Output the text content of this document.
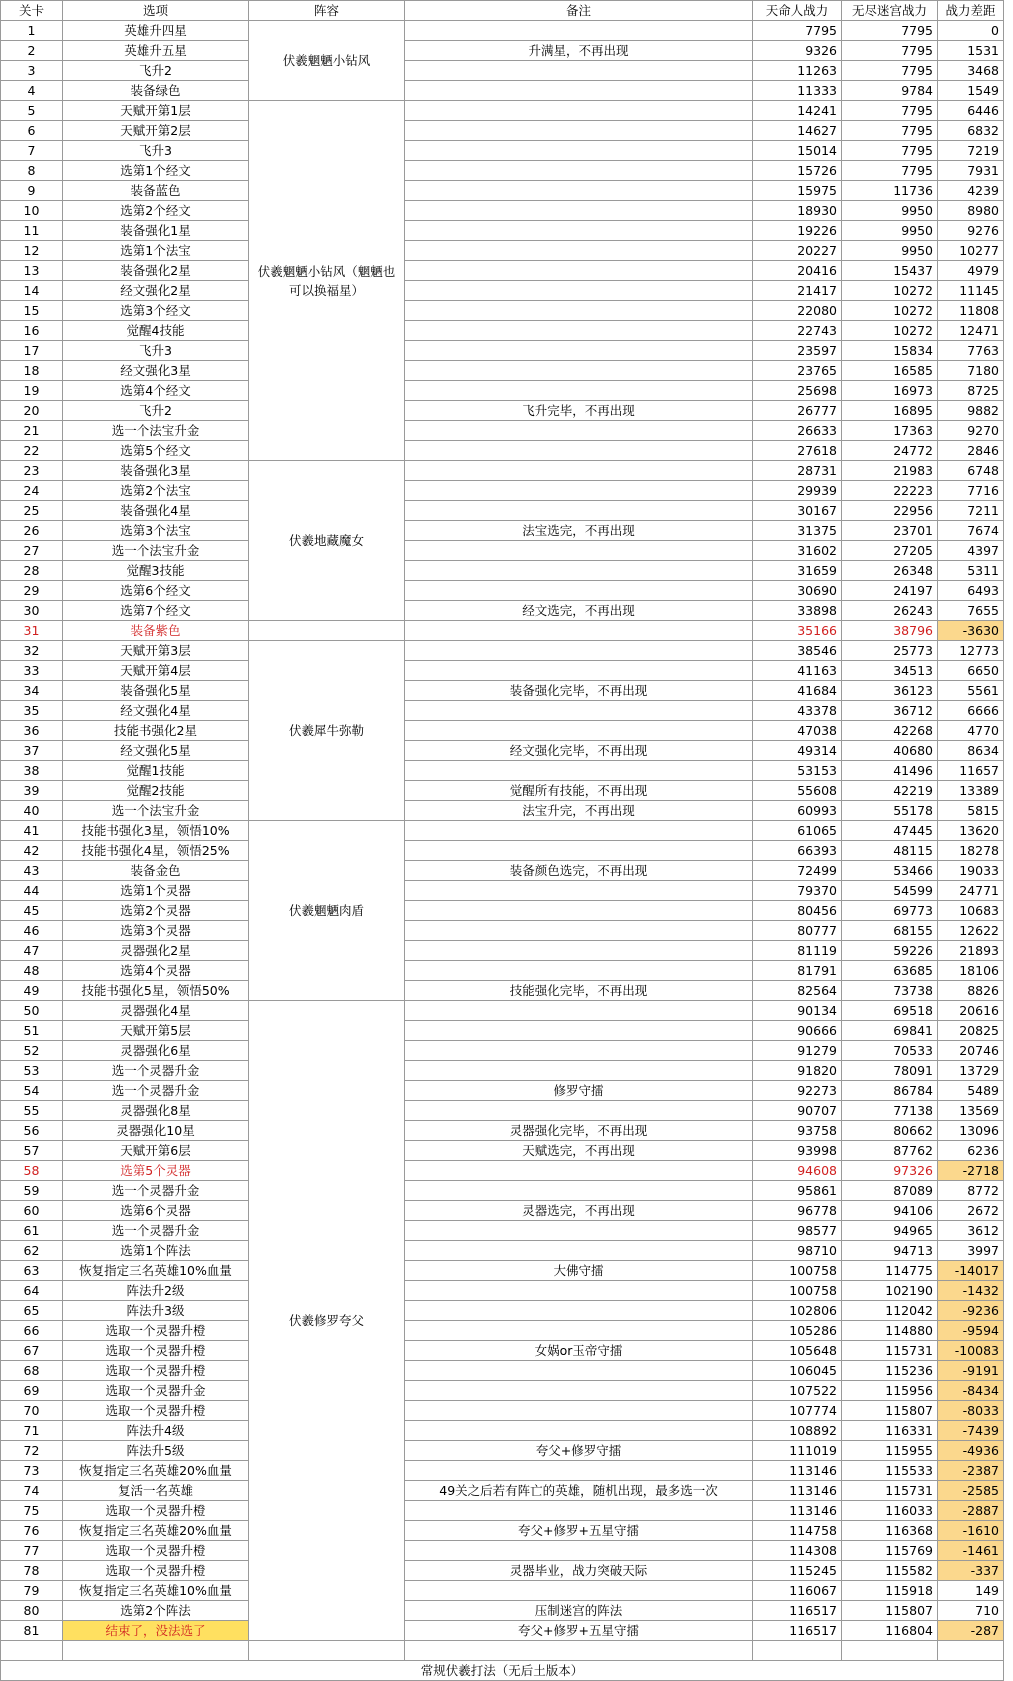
关卡	选项	阵容	备注	天命人战力	无尽迷宫战力	战力差距
1	英雄升四星	伏羲魍魉小钻风		7795	7795	0
2	英雄升五星		升满星，不再出现	9326	7795	1531
3	飞升2			11263	7795	3468
4	装备绿色			11333	9784	1549
5	天赋开第1层	伏羲魍魉小钻风（魍魉也可以换福星）		14241	7795	6446
6	天赋开第2层			14627	7795	6832
7	飞升3			15014	7795	7219
8	选第1个经文			15726	7795	7931
9	装备蓝色			15975	11736	4239
10	选第2个经文			18930	9950	8980
11	装备强化1星			19226	9950	9276
12	选第1个法宝			20227	9950	10277
13	装备强化2星			20416	15437	4979
14	经文强化2星			21417	10272	11145
15	选第3个经文			22080	10272	11808
16	觉醒4技能			22743	10272	12471
17	飞升3			23597	15834	7763
18	经文强化3星			23765	16585	7180
19	选第4个经文			25698	16973	8725
20	飞升2		飞升完毕，不再出现	26777	16895	9882
21	选一个法宝升金			26633	17363	9270
22	选第5个经文			27618	24772	2846
23	装备强化3星	伏羲地藏魔女		28731	21983	6748
24	选第2个法宝			29939	22223	7716
25	装备强化4星			30167	22956	7211
26	选第3个法宝		法宝选完，不再出现	31375	23701	7674
27	选一个法宝升金			31602	27205	4397
28	觉醒3技能			31659	26348	5311
29	选第6个经文			30690	24197	6493
30	选第7个经文		经文选完，不再出现	33898	26243	7655
31	装备紫色			35166	38796	-3630
32	天赋开第3层	伏羲犀牛弥勒		38546	25773	12773
33	天赋开第4层			41163	34513	6650
34	装备强化5星		装备强化完毕，不再出现	41684	36123	5561
35	经文强化4星			43378	36712	6666
36	技能书强化2星			47038	42268	4770
37	经文强化5星		经文强化完毕，不再出现	49314	40680	8634
38	觉醒1技能			53153	41496	11657
39	觉醒2技能		觉醒所有技能，不再出现	55608	42219	13389
40	选一个法宝升金		法宝升完，不再出现	60993	55178	5815
41	技能书强化3星，领悟10%	伏羲魍魉肉盾		61065	47445	13620
42	技能书强化4星，领悟25%			66393	48115	18278
43	装备金色		装备颜色选完，不再出现	72499	53466	19033
44	选第1个灵器			79370	54599	24771
45	选第2个灵器			80456	69773	10683
46	选第3个灵器			80777	68155	12622
47	灵器强化2星			81119	59226	21893
48	选第4个灵器			81791	63685	18106
49	技能书强化5星，领悟50%		技能强化完毕，不再出现	82564	73738	8826
50	灵器强化4星	伏羲修罗夸父		90134	69518	20616
51	天赋开第5层			90666	69841	20825
52	灵器强化6星			91279	70533	20746
53	选一个灵器升金			91820	78091	13729
54	选一个灵器升金		修罗守擂	92273	86784	5489
55	灵器强化8星			90707	77138	13569
56	灵器强化10星		灵器强化完毕，不再出现	93758	80662	13096
57	天赋开第6层		天赋选完，不再出现	93998	87762	6236
58	选第5个灵器			94608	97326	-2718
59	选一个灵器升金			95861	87089	8772
60	选第6个灵器		灵器选完，不再出现	96778	94106	2672
61	选一个灵器升金			98577	94965	3612
62	选第1个阵法			98710	94713	3997
63	恢复指定三名英雄10%血量		大佛守擂	100758	114775	-14017
64	阵法升2级			100758	102190	-1432
65	阵法升3级			102806	112042	-9236
66	选取一个灵器升橙			105286	114880	-9594
67	选取一个灵器升橙		女娲or玉帝守擂	105648	115731	-10083
68	选取一个灵器升橙			106045	115236	-9191
69	选取一个灵器升金			107522	115956	-8434
70	选取一个灵器升橙			107774	115807	-8033
71	阵法升4级			108892	116331	-7439
72	阵法升5级		夸父+修罗守擂	111019	115955	-4936
73	恢复指定三名英雄20%血量			113146	115533	-2387
74	复活一名英雄		49关之后若有阵亡的英雄，随机出现，最多选一次	113146	115731	-2585
75	选取一个灵器升橙			113146	116033	-2887
76	恢复指定三名英雄20%血量		夸父+修罗+五星守擂	114758	116368	-1610
77	选取一个灵器升橙			114308	115769	-1461
78	选取一个灵器升橙		灵器毕业，战力突破天际	115245	115582	-337
79	恢复指定三名英雄10%血量			116067	115918	149
80	选第2个阵法		压制迷宫的阵法	116517	115807	710
81	结束了，没法选了		夸父+修罗+五星守擂	116517	116804	-287

常规伏羲打法（无后土版本）						
